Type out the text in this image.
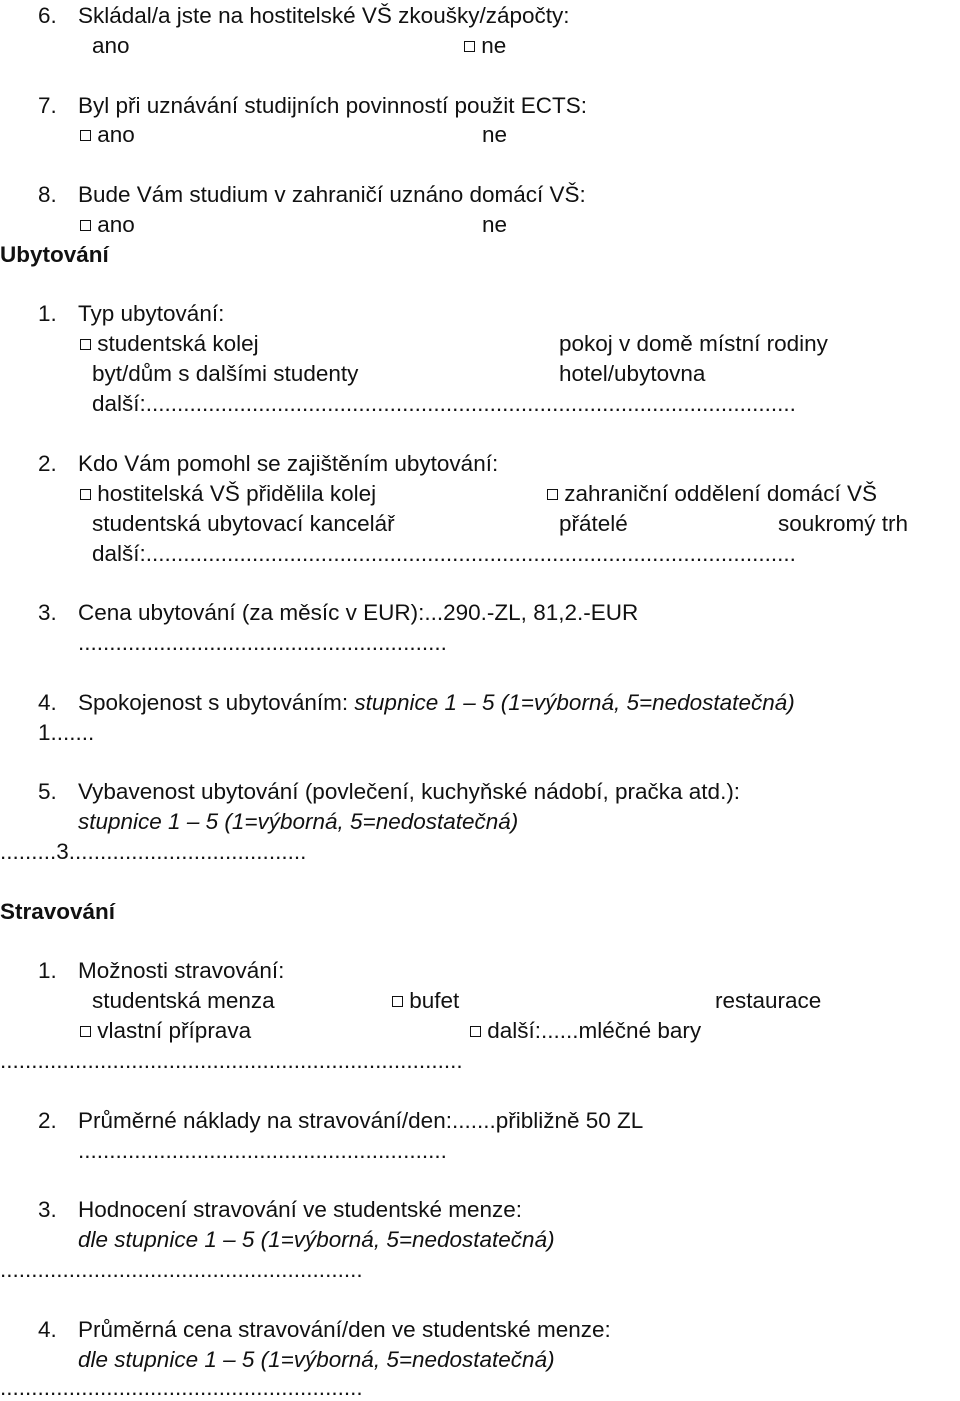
6. Skládal/a jste na hostitelské VŠ zkoušky/zápočty:
ano	ne
7. Byl při uznávání studijních povinností použit ECTS:
ano	ne
8. Bude Vám studium v zahraničí uznáno domácí VŠ:
ano	ne
Ubytování
1. Typ ubytování:
studentská kolej	pokoj v domě místní rodiny
byt/dům s dalšími studenty	hotel/ubytovna
další:........................................................................................................
2. Kdo Vám pomohl se zajištěním ubytování:
hostitelská VŠ přidělila kolej	zahraniční oddělení domácí VŠ
studentská ubytovací kancelář	přátelé	soukromý trh
další:........................................................................................................
3. Cena ubytování (za měsíc v EUR):...290.-ZL, 81,2.-EUR
...........................................................
4. Spokojenost s ubytováním: stupnice 1 – 5 (1=výborná, 5=nedostatečná)
1.......
5. Vybavenost ubytování (povlečení, kuchyňské nádobí, pračka atd.):
stupnice 1 – 5 (1=výborná, 5=nedostatečná)
.........3......................................
Stravování
1. Možnosti stravování:
studentská menza	bufet	restaurace
vlastní příprava	další:......mléčné bary
..........................................................................
2. Průměrné náklady na stravování/den:.......přibližně 50 ZL
...........................................................
3. Hodnocení stravování ve studentské menze:
dle stupnice 1 – 5 (1=výborná, 5=nedostatečná)
..........................................................
4. Průměrná cena stravování/den ve studentské menze:
dle stupnice 1 – 5 (1=výborná, 5=nedostatečná)
..........................................................
